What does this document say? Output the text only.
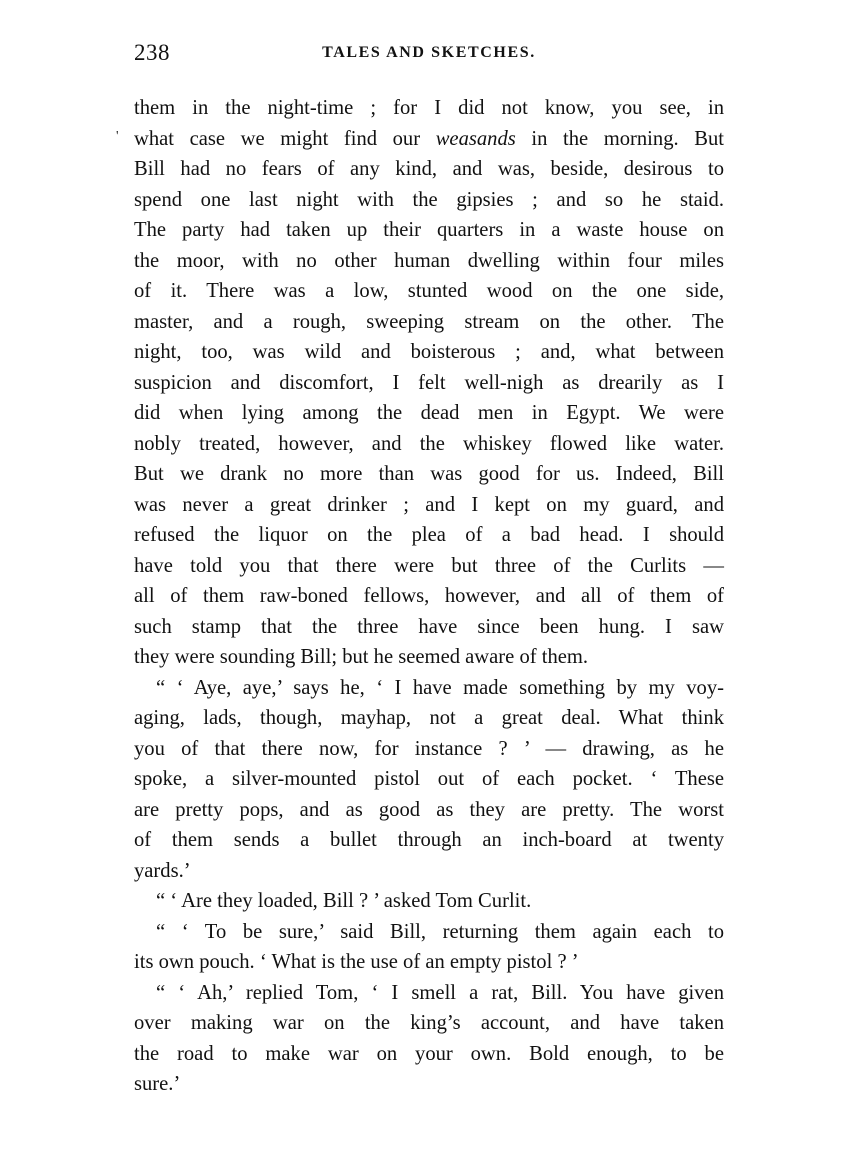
238	TALES AND SKETCHES.
'
them in the night-time ; for I did not know, you see, in
what case we might find our weasands in the morning. But
Bill had no fears of any kind, and was, beside, desirous to
spend one last night with the gipsies ; and so he staid.
The party had taken up their quarters in a waste house on
the moor, with no other human dwelling within four miles
of it. There was a low, stunted wood on the one side,
master, and a rough, sweeping stream on the other. The
night, too, was wild and boisterous ; and, what between
suspicion and discomfort, I felt well-nigh as drearily as I
did when lying among the dead men in Egypt. We were
nobly treated, however, and the whiskey flowed like water.
But we drank no more than was good for us. Indeed, Bill
was never a great drinker ; and I kept on my guard, and
refused the liquor on the plea of a bad head. I should
have told you that there were but three of the Curlits —
all of them raw-boned fellows, however, and all of them of
such stamp that the three have since been hung. I saw
they were sounding Bill; but he seemed aware of them.
“ ‘ Aye, aye,’ says he, ‘ I have made something by my voy-
aging, lads, though, mayhap, not a great deal. What think
you of that there now, for instance ? ’ — drawing, as he
spoke, a silver-mounted pistol out of each pocket. ‘ These
are pretty pops, and as good as they are pretty. The worst
of them sends a bullet through an inch-board at twenty
yards.’
“ ‘ Are they loaded, Bill ? ’ asked Tom Curlit.
“ ‘ To be sure,’ said Bill, returning them again each to
its own pouch. ‘ What is the use of an empty pistol ? ’
“ ‘ Ah,’ replied Tom, ‘ I smell a rat, Bill. You have given
over making war on the king’s account, and have taken
the road to make war on your own. Bold enough, to be
sure.’
